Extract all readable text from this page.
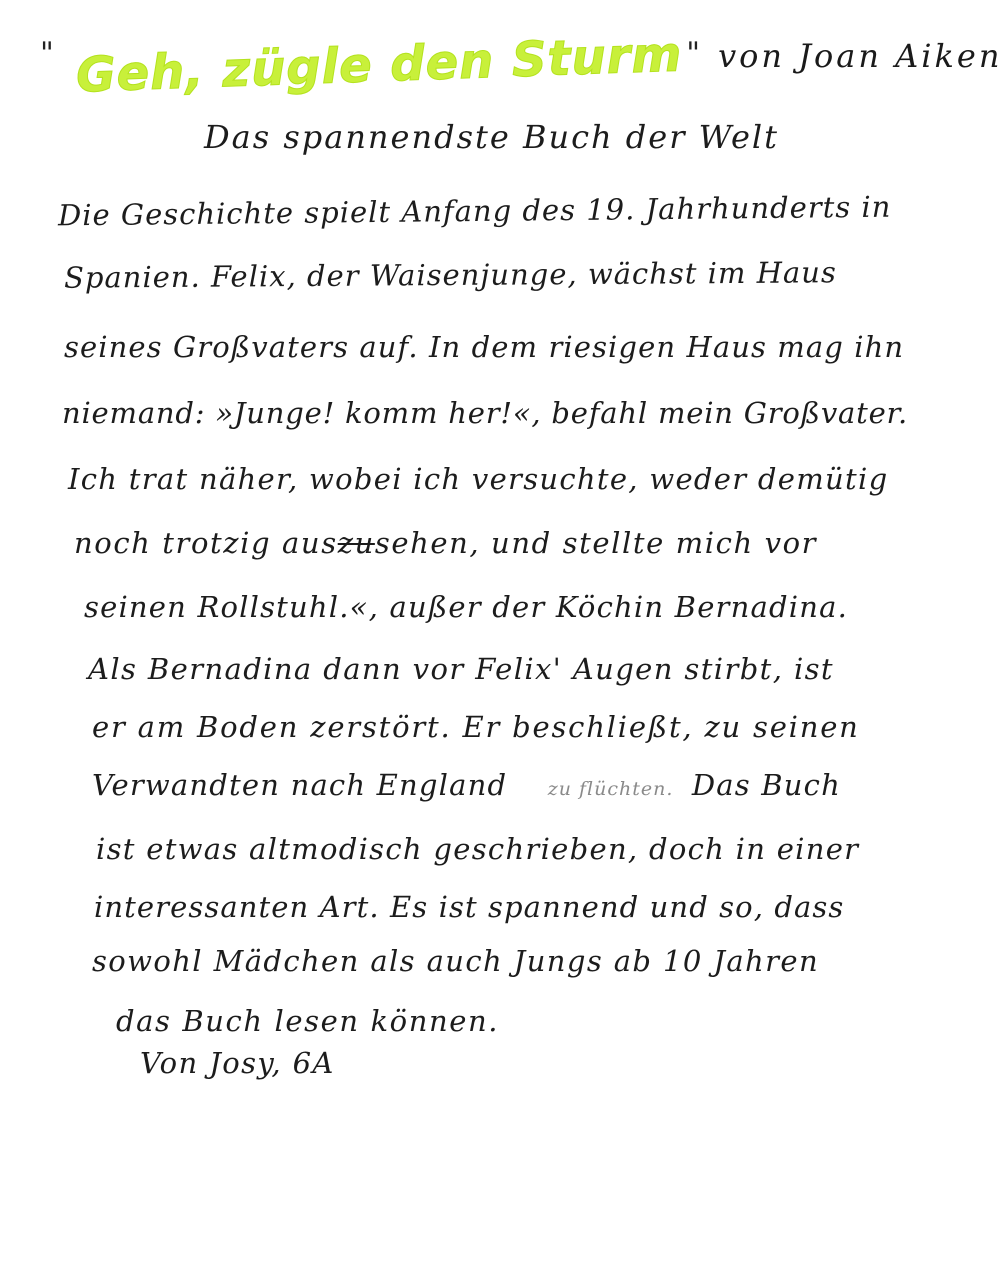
" Geh, zügle den Sturm " von Joan Aiken
Das spannendste Buch der Welt
Die Geschichte spielt Anfang des 19. Jahrhunderts in
Spanien. Felix, der Waisenjunge, wächst im Haus
seines Großvaters auf. In dem riesigen Haus mag ihn
niemand: »Junge! komm her!«, befahl mein Großvater.
Ich trat näher, wobei ich versuchte, weder demütig
noch trotzig auszusehen, und stellte mich vor
seinen Rollstuhl.«, außer der Köchin Bernadina.
Als Bernadina dann vor Felix' Augen stirbt, ist
er am Boden zerstört. Er beschließt, zu seinen
Verwandten nach England zu flüchten. Das Buch
ist etwas altmodisch geschrieben, doch in einer
interessanten Art. Es ist spannend und so, dass
sowohl Mädchen als auch Jungs ab 10 Jahren
das Buch lesen können.
Von Josy, 6A
